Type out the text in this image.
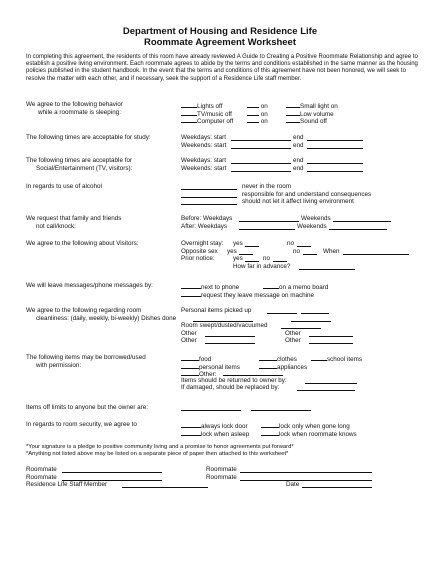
Department of Housing and Residence Life
Roommate Agreement Worksheet
In completing this agreement, the residents of this room have already reviewed A Guide to Creating a Positive Roommate Relationship and agree to establish a positive living environment. Each roommate agrees to abide by the terms and conditions established in the same manner as the housing policies published in the student handbook. In the event that the terms and conditions of this agreement have not been honored, we will seek to resolve the matter with each other, and if necessary, seek the support of a Residence Life staff member.
We agree to the following behavior
while a roommate is sleeping:
Lights off	on	Small light on
TV/music off	on	Low volume
Computer off	on	Sound off
The following times are acceptable for study:	Weekdays: start	end
Weekends: start	end
The following times are acceptable for
Social/Entertainment (TV, visitors):
Weekdays: start	end
Weekends: start	end
In regards to use of alcohol	never in the room
responsible for and understand consequences
should not let it affect living environment
We request that family and friends
not call/knock:
Before: Weekdays	Weekends
After: Weekdays	Weekends
We agree to the following about Visitors:	Overnight stay: yes	no
Opposite sex yes	no	When
Prior notice:	yes	no
How far in advance?
We will leave messages/phone messages by:	next to phone	on a memo board
request they leave message on machine
We agree to the following regarding room
cleanliness: (daily, weekly, bi-weekly) Dishes done
Personal items picked up
Room swept/dusted/vacuumed
Other	Other
Other	Other
The following items may be borrowed/used
with permission:
food	clothes	school items
personal items	appliances
Other:
Items should be returned to owner by:
If damaged, should be replaced by:
Items off limits to anyone but the owner are:
In regards to room security, we agree to	always lock door	lock only when gone long
lock when asleep	lock when roommate knows
*Your signature is a pledge to positive community living and a promise to honor agreements put forward*
*Anything not listed above may be listed on a separate piece of paper then attached to this worksheet*
Roommate	Roommate
Roommate	Roommate
Residence Life Staff Member	Date
